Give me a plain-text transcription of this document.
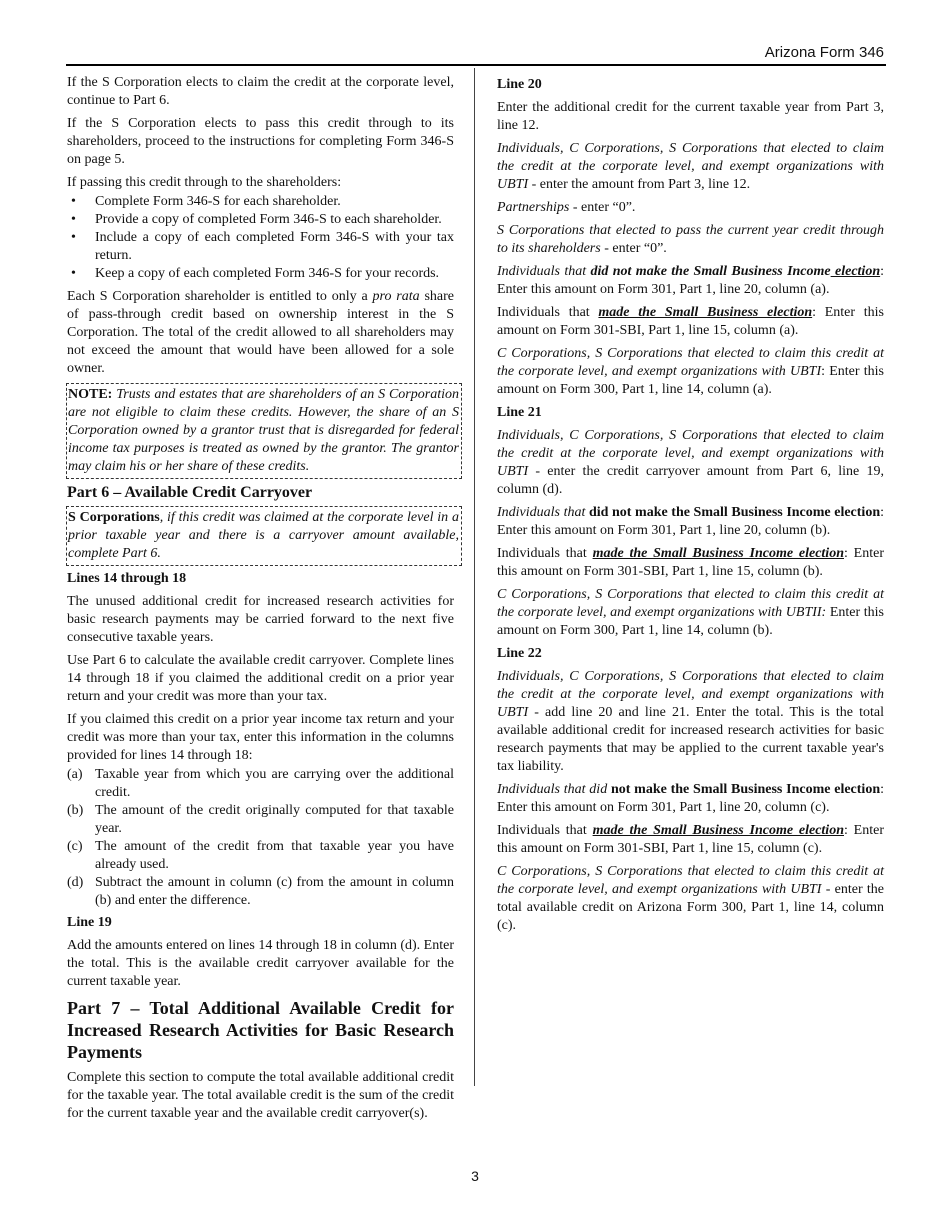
Arizona Form 346

If the S Corporation elects to claim the credit at the corporate level, continue to Part 6.

If the S Corporation elects to pass this credit through to its shareholders, proceed to the instructions for completing Form 346-S on page 5.

If passing this credit through to the shareholders:

• Complete Form 346-S for each shareholder.
• Provide a copy of completed Form 346-S to each shareholder.
• Include a copy of each completed Form 346-S with your tax return.
• Keep a copy of each completed Form 346-S for your records.

Each S Corporation shareholder is entitled to only a pro rata share of pass-through credit based on ownership interest in the S Corporation. The total of the credit allowed to all shareholders may not exceed the amount that would have been allowed for a sole owner.

NOTE: Trusts and estates that are shareholders of an S Corporation are not eligible to claim these credits. However, the share of an S Corporation owned by a grantor trust that is disregarded for federal income tax purposes is treated as owned by the grantor. The grantor may claim his or her share of these credits.
Part 6 – Available Credit Carryover
S Corporations, if this credit was claimed at the corporate level in a prior taxable year and there is a carryover amount available, complete Part 6.
Lines 14 through 18

The unused additional credit for increased research activities for basic research payments may be carried forward to the next five consecutive taxable years.

Use Part 6 to calculate the available credit carryover. Complete lines 14 through 18 if you claimed the additional credit on a prior year return and your credit was more than your tax.

If you claimed this credit on a prior year income tax return and your credit was more than your tax, enter this information in the columns provided for lines 14 through 18:

(a) Taxable year from which you are carrying over the additional credit.
(b) The amount of the credit originally computed for that taxable year.
(c) The amount of the credit from that taxable year you have already used.
(d) Subtract the amount in column (c) from the amount in column (b) and enter the difference.
Line 19

Add the amounts entered on lines 14 through 18 in column (d). Enter the total. This is the available credit carryover available for the current taxable year.

Part 7 – Total Additional Available Credit for Increased Research Activities for Basic Research Payments

Complete this section to compute the total available additional credit for the taxable year. The total available credit is the sum of the credit for the current taxable year and the available credit carryover(s).

Line 20

Enter the additional credit for the current taxable year from Part 3, line 12.

Individuals, C Corporations, S Corporations that elected to claim the credit at the corporate level, and exempt organizations with UBTI - enter the amount from Part 3, line 12.

Partnerships - enter “0”.

S Corporations that elected to pass the current year credit through to its shareholders - enter “0”.

Individuals that did not make the Small Business Income election: Enter this amount on Form 301, Part 1, line 20, column (a).

Individuals that made the Small Business election: Enter this amount on Form 301-SBI, Part 1, line 15, column (a).

C Corporations, S Corporations that elected to claim this credit at the corporate level, and exempt organizations with UBTI: Enter this amount on Form 300, Part 1, line 14, column (a).

Line 21

Individuals, C Corporations, S Corporations that elected to claim the credit at the corporate level, and exempt organizations with UBTI - enter the credit carryover amount from Part 6, line 19, column (d).

Individuals that did not make the Small Business Income election: Enter this amount on Form 301, Part 1, line 20, column (b).

Individuals that made the Small Business Income election: Enter this amount on Form 301-SBI, Part 1, line 15, column (b).

C Corporations, S Corporations that elected to claim this credit at the corporate level, and exempt organizations with UBTII: Enter this amount on Form 300, Part 1, line 14, column (b).

Line 22

Individuals, C Corporations, S Corporations that elected to claim the credit at the corporate level, and exempt organizations with UBTI - add line 20 and line 21. Enter the total. This is the total available additional credit for increased research activities for basic research payments that may be applied to the current taxable year's tax liability.

Individuals that did not make the Small Business Income election: Enter this amount on Form 301, Part 1, line 20, column (c).

Individuals that made the Small Business Income election: Enter this amount on Form 301-SBI, Part 1, line 15, column (c).

C Corporations, S Corporations that elected to claim this credit at the corporate level, and exempt organizations with UBTI - enter the total available credit on Arizona Form 300, Part 1, line 14, column (c).

3
